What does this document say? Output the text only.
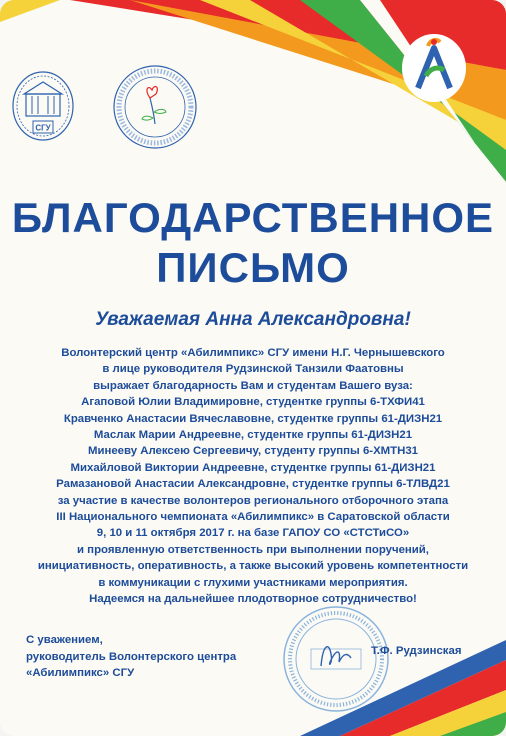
СГУ
БЛАГОДАРСТВЕННОЕ
ПИСЬМО
Уважаемая Анна Александровна!
Волонтерский центр «Абилимпикс» СГУ имени Н.Г. Чернышевского
в лице руководителя Рудзинской Танзили Фаатовны
выражает благодарность Вам и студентам Вашего вуза:
Агаповой Юлии Владимировне, студентке группы 6-ТХФИ41
Кравченко Анастасии Вячеславовне, студентке группы 61-ДИЗН21
Маслак Марии Андреевне, студентке группы 61-ДИЗН21
Минееву Алексею Сергеевичу, студенту группы 6-ХМТН31
Михайловой Виктории Андреевне, студентке группы 61-ДИЗН21
Рамазановой Анастасии Александровне, студентке группы 6-ТЛВД21
за участие в качестве волонтеров регионального отборочного этапа
III Национального чемпионата «Абилимпикс» в Саратовской области
9, 10 и 11 октября 2017 г. на базе ГАПОУ СО «СТСТиСО»
и проявленную ответственность при выполнении поручений,
инициативность, оперативность, а также высокий уровень компетентности
в коммуникации с глухими участниками мероприятия.
Надеемся на дальнейшее плодотворное сотрудничество!
С уважением,
руководитель Волонтерского центра
«Абилимпикс» СГУ
Т.Ф. Рудзинская
